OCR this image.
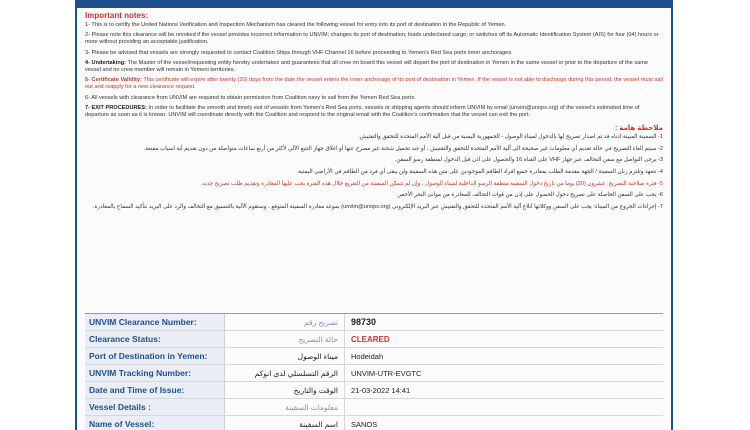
Important notes:
1- This is to certify the United Nations Verification and Inspection Mechanism has cleared the following vessel for entry into its port of destination in the Republic of Yemen.
2- Please note this clearance will be revoked if the vessel provides incorrect information to UNVIM; changes its port of destination; loads undeclared cargo; or switches off its Automatic Identification System (AIS) for four (04) hours or more without providing an acceptable justification.
3- Please be advised that vessels are strongly requested to contact Coalition Ships through VHF Channel 16 before proceeding to Yemen's Red Sea ports inner anchorages.
4- Undertaking: The Master of the vessel/requesting entity hereby undertakes and guarantees that all crew on board this vessel will depart the port of destination in Yemen in the same vessel or prior to the departure of the same vessel and no crew member will remain in Yemeni territories.
5- Certificate Validity: This certificate will expire after twenty (20) days from the date the vessel enters the inner anchorage of its port of destination in Yemen. If the vessel is not able to discharge during this period, the vessel must sail out and reapply for a new clearance request.
6- All vessels with clearance from UNVIM are required to obtain permission from Coalition navy to sail from the Yemen Red Sea ports.
7- EXIT PROCEDURES: In order to facilitate the smooth and timely exit of vessels from Yemen's Red Sea ports, vessels or shipping agents should inform UNVIM by email (unvim@unops.org) of the vessel's estimated time of departure as soon as it is known. UNVIM will coordinate directly with the Coalition and respond to the original email with the Coalition's confirmation that the vessel can exit the port.
ملاحظة هامة :
1- السفينة المبينة ادناه قد تم اصدار تصريح لها بالدخول لميناء الوصول - الجمهورية اليمنية من قبل آلية الأمم المتحدة للتحقق والتفتيش.
2- سيتم الغاء التصريح في حالة تقديم أي معلومات غير صحيحة الى آلية الأمم المتحدة للتحقق والتفتيش ، أو عند تحميل شحنة غير مصرح عنها أو اغلاق جهاز التتبع الآلي لأكثر من أربع ساعات متواصلة من دون تقديم أية اسباب مقنعة.
3- يرجى التواصل مع سفن التحالف عبر جهاز VHF على القناة 16 والحصول على اذن قبل الدخول لمنطقة رسو السفن.
4- تتعهد وتلتزم ربان السفينة / الجهة مقدمة الطلب بمغادرة جميع افراد الطاقم الموجودين على متن هذه السفينة ولن يبقى أي فرد من الطاقم في الأراضي اليمنية.
5- فترة صلاحية التصريح: عشرون (20) يوما من تاريخ دخول السفينة منطقة الرسو الداخلية لميناء الوصول ، وإن لم تتمكن السفينة من التفريغ خلال هذه الفترة يجب عليها المغادرة وتقديم طلب تصريح جديد.
6- يجب على السفن الحاصلة على تصريح دخول الحصول على إذن من قوات التحالف للمغادرة من موانئ البحر الأحمر.
7- إجراءات الخروج من الميناء: يجب على السفن ووكلائها ابلاغ آلية الأمم المتحدة للتحقق والتفتيش عبر البريد الإلكتروني (unvim@unops.org) بموعد مغادرة السفينة المتوقع ، وستقوم الآلية بالتنسيق مع التحالف والرد على البريد بتأكيد السماح بالمغادرة.
UNVIM Clearance Number:	تصريح رقم	98730
Clearance Status:	حالة التصريح	CLEARED
Port of Destination in Yemen:	ميناء الوصول	Hodeidah
UNVIM Tracking Number:	الرقم التسلسلي لدى انوكم	UNVIM-UTR-EVGTC
Date and Time of Issue:	الوقت والتاريخ	21-03-2022 14:41
Vessel Details :	معلومات السفينة
Name of Vessel:	اسم السفينة	SANOS
